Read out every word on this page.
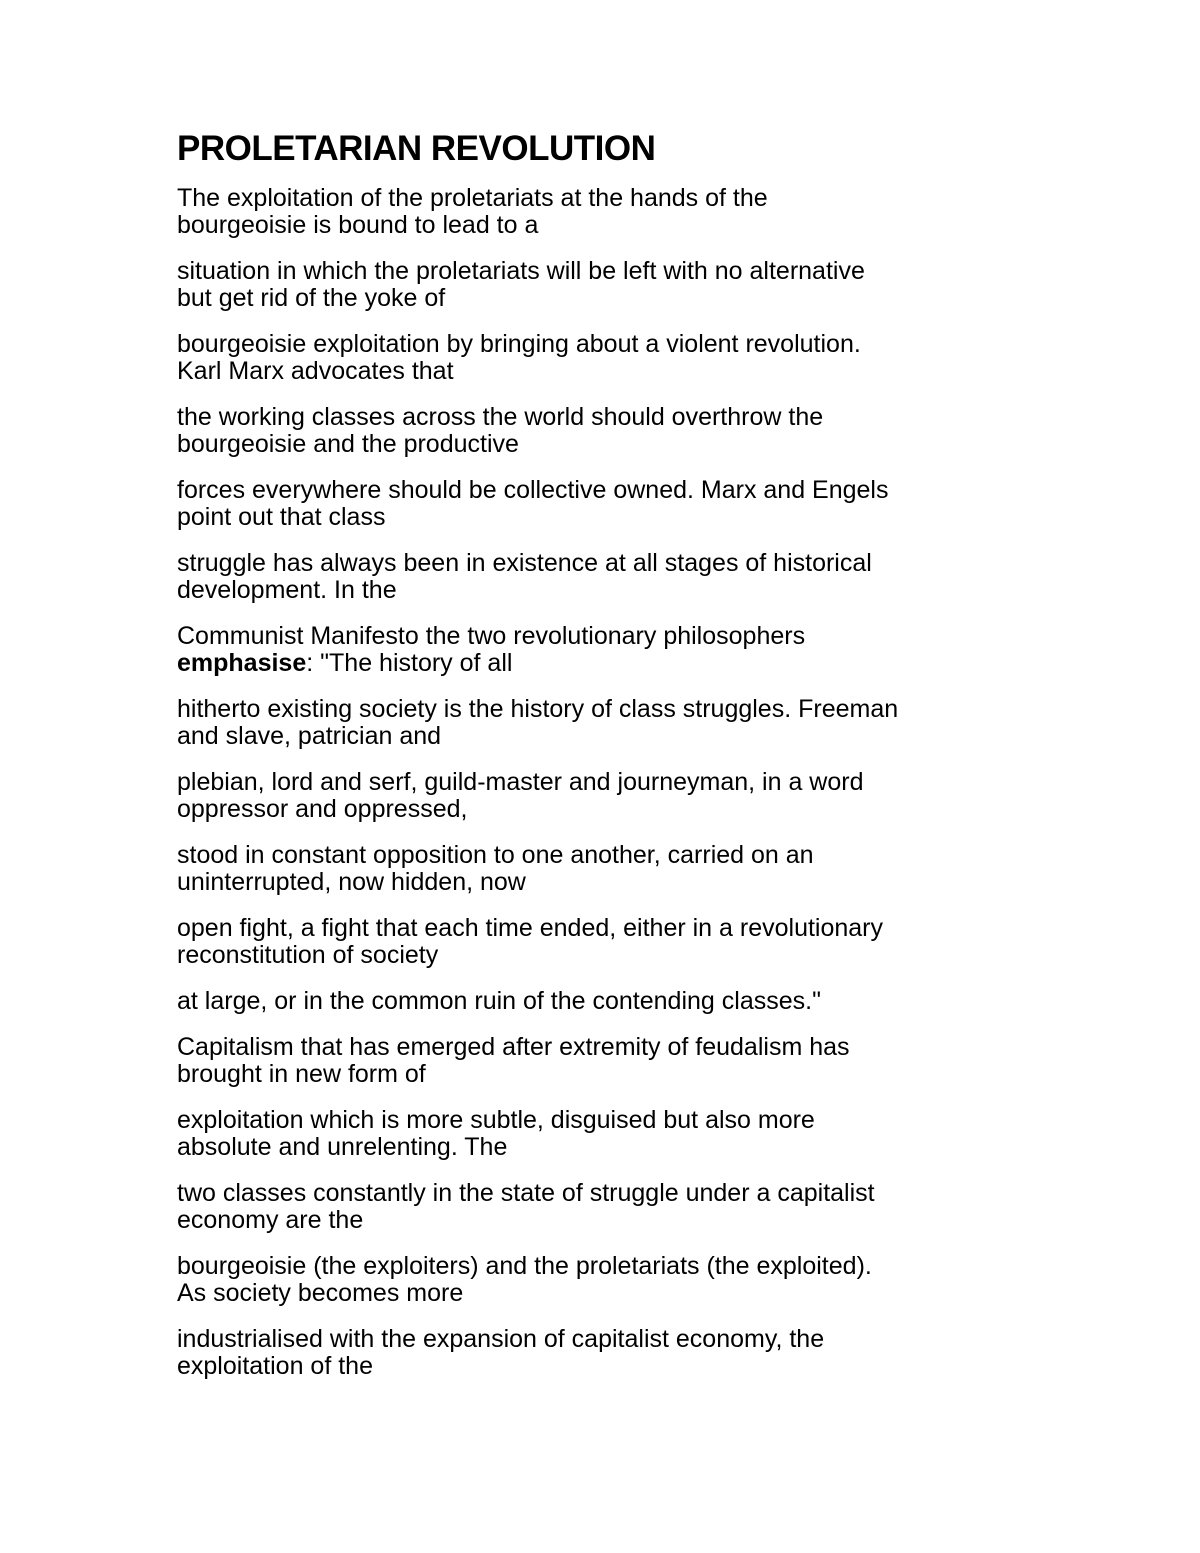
PROLETARIAN REVOLUTION

The exploitation of the proletariats at the hands of the
bourgeoisie is bound to lead to a

situation in which the proletariats will be left with no alternative
but get rid of the yoke of

bourgeoisie exploitation by bringing about a violent revolution.
Karl Marx advocates that

the working classes across the world should overthrow the
bourgeoisie and the productive

forces everywhere should be collective owned. Marx and Engels
point out that class

struggle has always been in existence at all stages of historical
development. In the

Communist Manifesto the two revolutionary philosophers
emphasise: "The history of all

hitherto existing society is the history of class struggles. Freeman
and slave, patrician and

plebian, lord and serf, guild-master and journeyman, in a word
oppressor and oppressed,

stood in constant opposition to one another, carried on an
uninterrupted, now hidden, now

open fight, a fight that each time ended, either in a revolutionary
reconstitution of society

at large, or in the common ruin of the contending classes."

Capitalism that has emerged after extremity of feudalism has
brought in new form of

exploitation which is more subtle, disguised but also more
absolute and unrelenting. The

two classes constantly in the state of struggle under a capitalist
economy are the

bourgeoisie (the exploiters) and the proletariats (the exploited).
As society becomes more

industrialised with the expansion of capitalist economy, the
exploitation of the
